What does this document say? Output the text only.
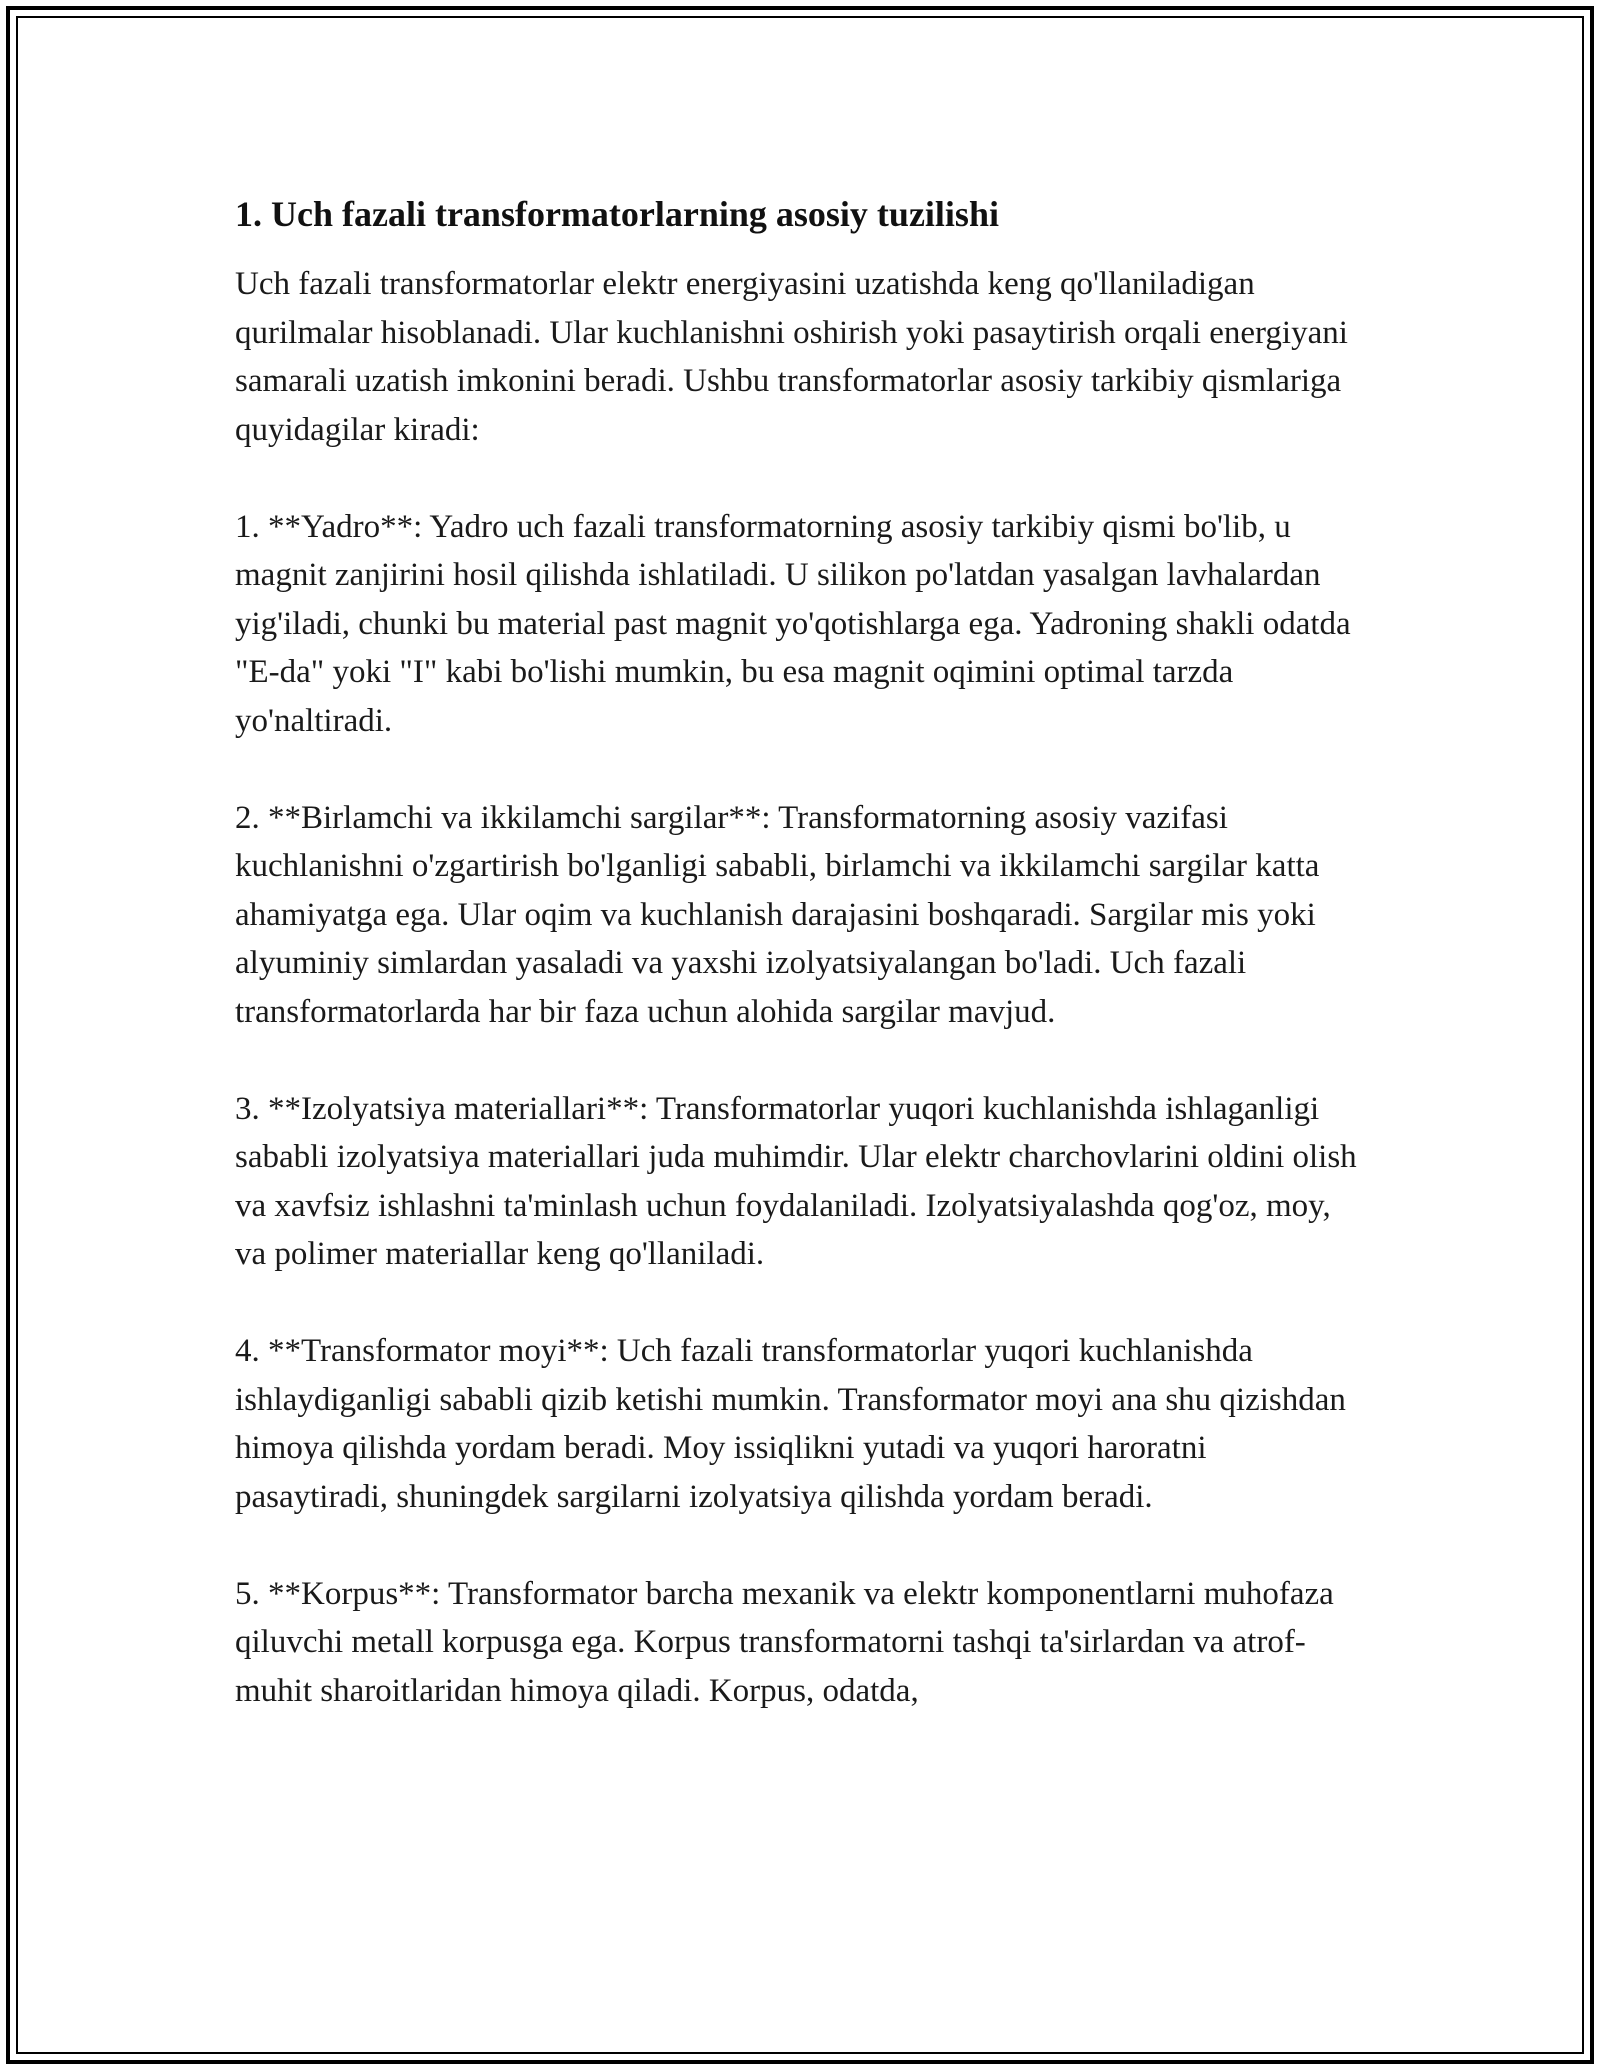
1. Uch fazali transformatorlarning asosiy tuzilishi

Uch fazali transformatorlar elektr energiyasini uzatishda keng qo'llaniladigan qurilmalar hisoblanadi. Ular kuchlanishni oshirish yoki pasaytirish orqali energiyani samarali uzatish imkonini beradi. Ushbu transformatorlar asosiy tarkibiy qismlariga quyidagilar kiradi:

1. **Yadro**: Yadro uch fazali transformatorning asosiy tarkibiy qismi bo'lib, u magnit zanjirini hosil qilishda ishlatiladi. U silikon po'latdan yasalgan lavhalardan yig'iladi, chunki bu material past magnit yo'qotishlarga ega. Yadroning shakli odatda "E-da" yoki "I" kabi bo'lishi mumkin, bu esa magnit oqimini optimal tarzda yo'naltiradi.

2. **Birlamchi va ikkilamchi sargilar**: Transformatorning asosiy vazifasi kuchlanishni o'zgartirish bo'lganligi sababli, birlamchi va ikkilamchi sargilar katta ahamiyatga ega. Ular oqim va kuchlanish darajasini boshqaradi. Sargilar mis yoki alyuminiy simlardan yasaladi va yaxshi izolyatsiyalangan bo'ladi. Uch fazali transformatorlarda har bir faza uchun alohida sargilar mavjud.

3. **Izolyatsiya materiallari**: Transformatorlar yuqori kuchlanishda ishlaganligi sababli izolyatsiya materiallari juda muhimdir. Ular elektr charchovlarini oldini olish va xavfsiz ishlashni ta'minlash uchun foydalaniladi. Izolyatsiyalashda qog'oz, moy, va polimer materiallar keng qo'llaniladi.

4. **Transformator moyi**: Uch fazali transformatorlar yuqori kuchlanishda ishlaydiganligi sababli qizib ketishi mumkin. Transformator moyi ana shu qizishdan himoya qilishda yordam beradi. Moy issiqlikni yutadi va yuqori haroratni pasaytiradi, shuningdek sargilarni izolyatsiya qilishda yordam beradi.

5. **Korpus**: Transformator barcha mexanik va elektr komponentlarni muhofaza qiluvchi metall korpusga ega. Korpus transformatorni tashqi ta'sirlardan va atrof-muhit sharoitlaridan himoya qiladi. Korpus, odatda,
